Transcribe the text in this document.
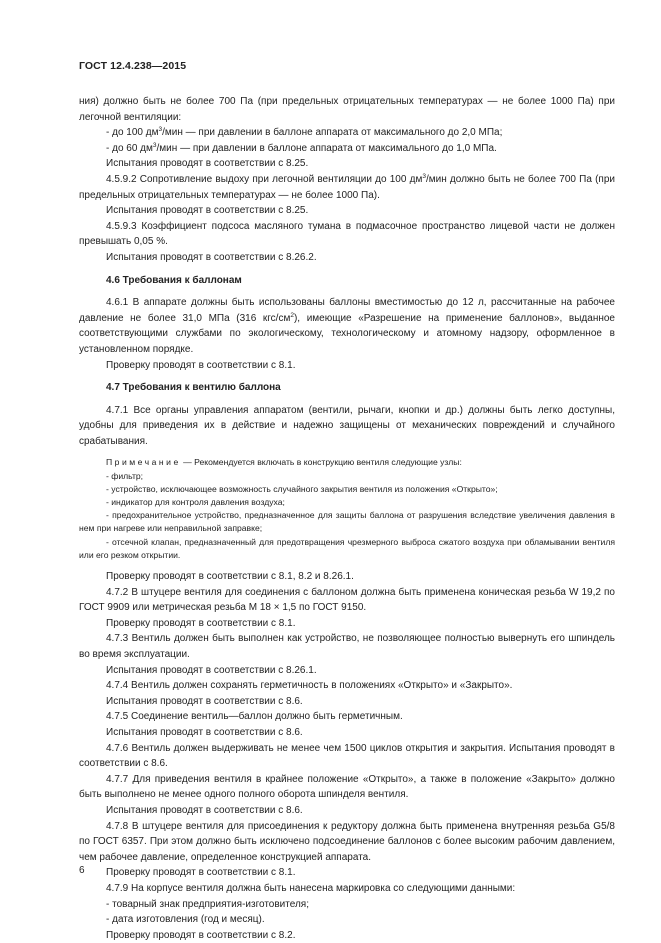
ГОСТ 12.4.238—2015

ния) должно быть не более 700 Па (при предельных отрицательных температурах — не более 1000 Па) при легочной вентиляции:

- до 100 $дм^3$/мин — при давлении в баллоне аппарата от максимального до 2,0 МПа;

- до 60 $дм^3$/мин — при давлении в баллоне аппарата от максимального до 1,0 МПа.

Испытания проводят в соответствии с 8.25.

4.5.9.2 Сопротивление выдоху при легочной вентиляции до 100 $дм^3$/мин должно быть не более 700 Па (при предельных отрицательных температурах — не более 1000 Па).

Испытания проводят в соответствии с 8.25.

4.5.9.3 Коэффициент подсоса масляного тумана в подмасочное пространство лицевой части не должен превышать 0,05 %.

Испытания проводят в соответствии с 8.26.2.

4.6 Требования к баллонам

4.6.1 В аппарате должны быть использованы баллоны вместимостью до 12 л, рассчитанные на рабочее давление не более 31,0 МПа (316 кгс/$см^2$), имеющие «Разрешение на применение баллонов», выданное соответствующими службами по экологическому, технологическому и атомному надзору, оформленное в установленном порядке.

Проверку проводят в соответствии с 8.1.

4.7 Требования к вентилю баллона

4.7.1 Все органы управления аппаратом (вентили, рычаги, кнопки и др.) должны быть легко доступны, удобны для приведения их в действие и надежно защищены от механических повреждений и случайного срабатывания.

Примечание — Рекомендуется включать в конструкцию вентиля следующие узлы:

- фильтр;

- устройство, исключающее возможность случайного закрытия вентиля из положения «Открыто»;

- индикатор для контроля давления воздуха;

- предохранительное устройство, предназначенное для защиты баллона от разрушения вследствие увеличения давления в нем при нагреве или неправильной заправке;

- отсечной клапан, предназначенный для предотвращения чрезмерного выброса сжатого воздуха при обламывании вентиля или его резком открытии.

Проверку проводят в соответствии с 8.1, 8.2 и 8.26.1.

4.7.2 В штуцере вентиля для соединения с баллоном должна быть применена коническая резьба W 19,2 по ГОСТ 9909 или метрическая резьба М 18 × 1,5 по ГОСТ 9150.

Проверку проводят в соответствии с 8.1.

4.7.3 Вентиль должен быть выполнен как устройство, не позволяющее полностью вывернуть его шпиндель во время эксплуатации.

Испытания проводят в соответствии с 8.26.1.

4.7.4 Вентиль должен сохранять герметичность в положениях «Открыто» и «Закрыто».

Испытания проводят в соответствии с 8.6.

4.7.5 Соединение вентиль—баллон должно быть герметичным.

Испытания проводят в соответствии с 8.6.

4.7.6 Вентиль должен выдерживать не менее чем 1500 циклов открытия и закрытия. Испытания проводят в соответствии с 8.6.

4.7.7 Для приведения вентиля в крайнее положение «Открыто», а также в положение «Закрыто» должно быть выполнено не менее одного полного оборота шпинделя вентиля.

Испытания проводят в соответствии с 8.6.

4.7.8 В штуцере вентиля для присоединения к редуктору должна быть применена внутренняя резьба G5/8 по ГОСТ 6357. При этом должно быть исключено подсоединение баллонов с более высоким рабочим давлением, чем рабочее давление, определенное конструкцией аппарата.

Проверку проводят в соответствии с 8.1.

4.7.9 На корпусе вентиля должна быть нанесена маркировка со следующими данными:

- товарный знак предприятия-изготовителя;

- дата изготовления (год и месяц).

Проверку проводят в соответствии с 8.2.

6
